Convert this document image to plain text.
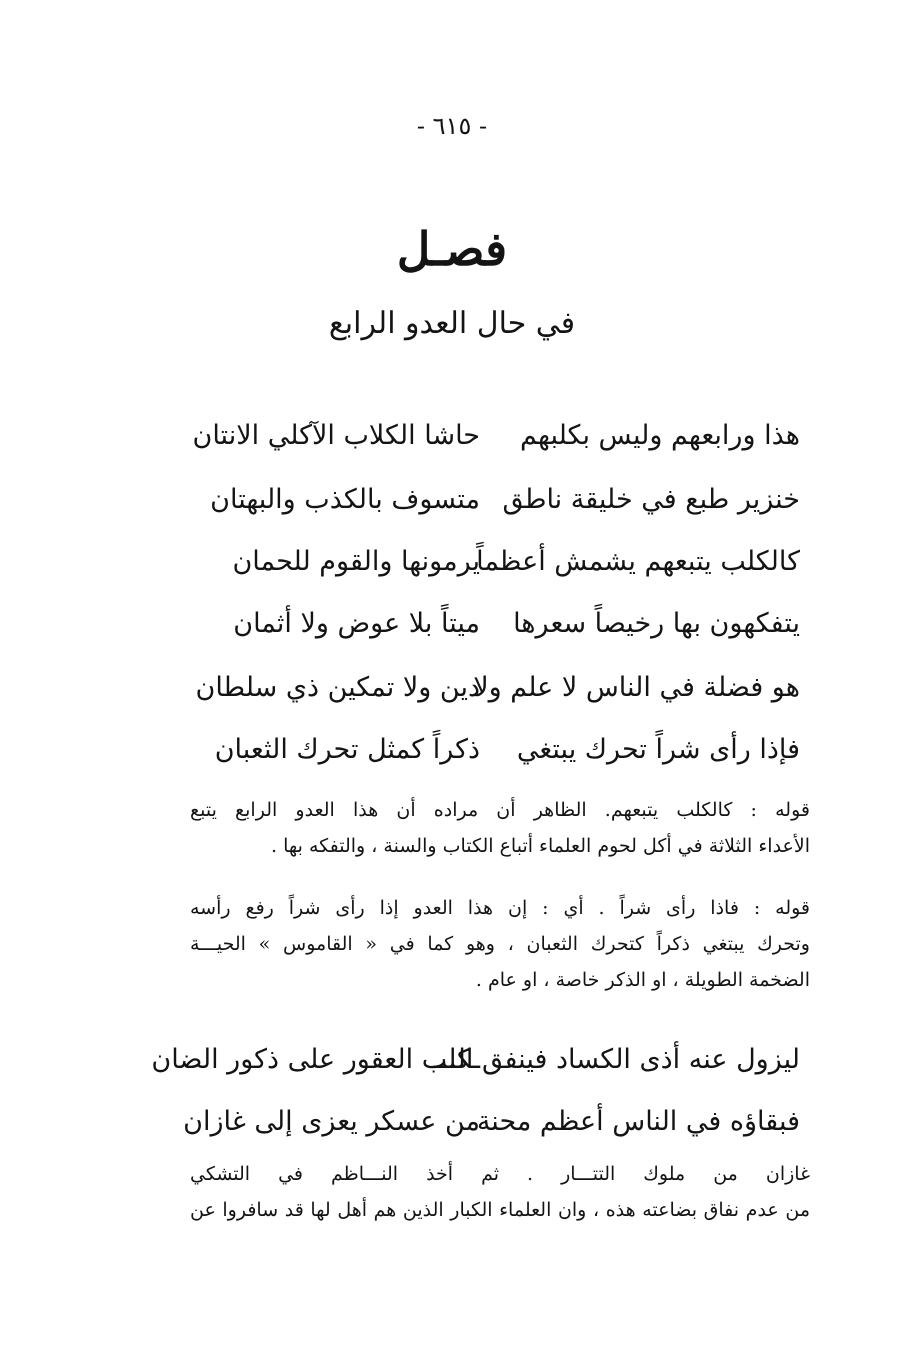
- ٦١٥ -
فصـل
في حال العدو الرابع
هذا ورابعهم وليس بكلبهم
حاشا الكلاب الآكلي الانتان
خنزير طبع في خليقة ناطق
متسوف بالكذب والبهتان
كالكلب يتبعهم يشمش أعظماً
يرمونها والقوم للحمان
يتفكهون بها رخيصاً سعرها
ميتاً بلا عوض ولا أثمان
هو فضلة في الناس لا علم ولا
دين ولا تمكين ذي سلطان
فإذا رأى شراً تحرك يبتغي
ذكراً كمثل تحرك الثعبان
قوله : كالكلب يتبعهم. الظاهر أن مراده أن هذا العدو الرابع يتبع
الأعداء الثلاثة في أكل لحوم العلماء أتباع الكتاب والسنة ، والتفكه بها .
قوله : فاذا رأى شراً . أي : إن هذا العدو إذا رأى شراً رفع رأسه
وتحرك يبتغي ذكراً كتحرك الثعبان ، وهو كما في « القاموس » الحيـــة
الضخمة الطويلة ، او الذكر خاصة ، او عام .
ليزول عنه أذى الكساد فينفق الـــ
ـكلب العقور على ذكور الضان
فبقاؤه في الناس أعظم محنة
من عسكر يعزى إلى غازان
غازان من ملوك التتـــار . ثم أخذ النـــاظم في التشكي
من عدم نفاق بضاعته هذه ، وان العلماء الكبار الذين هم أهل لها قد سافروا عن
